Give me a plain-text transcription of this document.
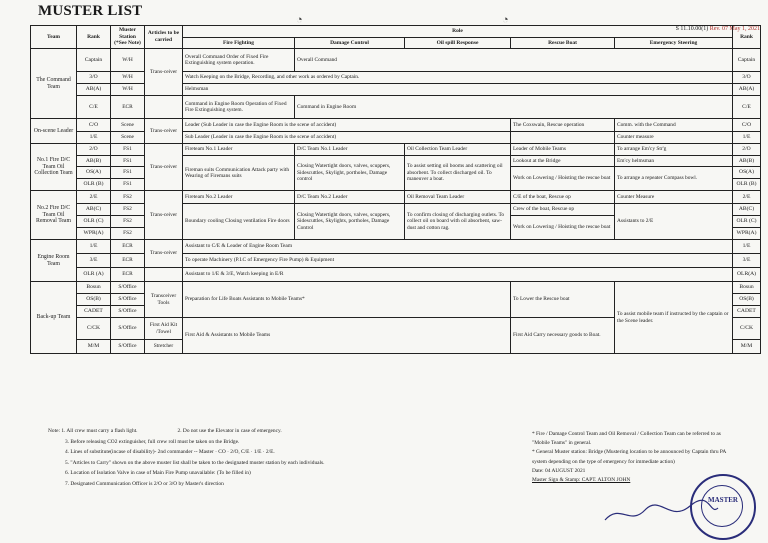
MUSTER LIST
◔	◔
S 11.10.00(1) Rev. 07 May 1, 2021
Team	Rank	Muster Station (*See Note)	Articles to be carried	Role					Rank
				Fire Fighting	Damage Control	Oil spill Response	Rescue Boat	Emergency Steering	
The Command Team	Captain	W/H	Trans-ceiver	Overall Command Order of Fixed Fire Extinguishing system operation.	Overall Command				Captain
	3/O	W/H		Watch Keeping on the Bridge, Recording, and other work as ordered by Captain.					3/O
	AB(A)	W/H		Helmsman					AB(A)
	C/E	ECR		Command in Engine Room Operation of Fixed Fire Extinguishing system.	Command in Engine Room				C/E
On-scene Leader	C/O	Scene	Trans-ceiver	Leader (Sub Leader in case the Engine Room is the scene of accident)			The Coxswain, Rescue operation	Comm. with the Command	C/O
	1/E	Scene		Sub Leader (Leader in case the Engine Room is the scene of accident)				Counter measure	1/E
No.1 Fire D/C Team Oil Collection Team	2/O	FS1	Trans-ceiver	Fireteam No.1 Leader	D/C Team No.1 Leader	Oil Collection Team Leader	Leader of Mobile Teams	To arrange Em'cy Str'g	2/O
	AB(B)	FS1		Fireman suits Communication Attack party with Wearing of Firemans suits	Closing Watertight doors, valves, scuppers, Sidescuttles, Skylight, portholes, Damage control	To assist setting oil booms and scattering oil absorbent. To collect discharged oil. To maneuver a boat.	Lookout at the Bridge	Em'cy helmsman	AB(B)
	OS(A)	FS1					Work on Lowering / Hoisting the rescue boat	To arrange a repeater Compass bowl.	OS(A)
	OLR (B)	FS1							OLR (B)
No.2 Fire D/C Team Oil Removal Team	2/E	FS2	Trans-ceiver	Fireteam No.2 Leader	D/C Team No.2 Leader	Oil Removal Team Leader	C/E of the boat, Rescue op	Counter Measure	2/E
	AB(C)	FS2		Boundary cooling Closing ventilation Fire doors	Closing Watertight doors, valves, scuppers, Sidescuttles, Skylights, portholes, Damage Control	To confirm closing of discharging outlets. To collect oil on board with oil absorbent, saw- dust and cotton rag.	Crew of the boat, Rescue op	Assistants to 2/E	AB(C)
	OLR (C)	FS2					Work on Lowering / Hoisting the rescue boat		OLR (C)
	WPR(A)	FS2							WPR(A)
Engine Room Team	1/E	ECR	Trans-ceiver	Assistant to C/E & Leader of Engine Room Team					1/E
	3/E	ECR		To operate Machinery (P.I.C of Emergency Fire Pump) & Equipment					3/E
	OLR (A)	ECR		Assistant to 1/E & 3/E, Watch keeping in E/R					OLR(A)
Back-up Team	Bosun	S/Office	Transceiver Tools	Preparation for Life Boats Assistants to Mobile Teams*			To Lower the Rescue boat	To assist mobile team if instructed by the captain or the Scene leader.	Bosun
	OS(B)	S/Office							OS(B)
	CADET	S/Office							CADET
	C/CK	S/Office	First Aid Kit /Towel	First Aid & Assistants to Mobile Teams			First Aid Carry necessary goods to Boat.		C/CK
	M/M	S/Office	Stretcher						M/M
Note: 1. All crew must carry a flash light.	2. Do not use the Elevator in case of emergency.
3. Before releasing CO2 extinguisher, full crew roll must be taken on the Bridge.
4. Lines of substitute(incase of disability)- 2nd commander -- Master · CO · 2/O, C/E · 1/E · 2/E.
5. "Articles to Carry" shown on the above muster list shall be taken to the designated muster station by each individuals.
6. Location of Isolation Valve in case of Main Fire Pump unavailable: (To be filled in)
7. Designated Communication Officer is 2/O or 3/O by Master's direction
* Fire / Damage Control Team and Oil Removal / Collection Team can be referred to as "Mobile Teams" in general.
* General Muster station: Bridge (Mustering location to be announced by Captain thru PA system depending on the type of emergency for immediate action)
Date: 04 AUGUST 2021
Master Sign & Stamp: CAPT. ALTON JOHN
MASTER
